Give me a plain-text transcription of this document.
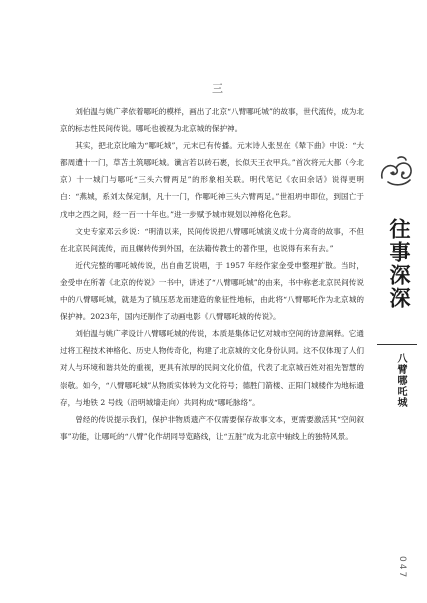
三

刘伯温与姚广孝依着哪吒的模样，画出了北京“八臂哪吒城”的故事，世代流传，成为北京的标志性民间传说。哪吒也被视为北京城的保护神。

其实，把北京比喻为“哪吒城”，元末已有传播。元末诗人张昱在《辇下曲》中说：“大都周遭十一门，草苫土筑哪吒城。谶言若以砖石裹，长似天王衣甲兵。”首次将元大都（今北京）十一城门与哪吒“三头六臂两足”的形象相关联。明代笔记《农田余话》说得更明白：“燕城，系刘太保定制，凡十一门，作哪吒神三头六臂两足。”世祖坍申即位，到国亡于戊申之西之间，经一百一十年也。”进一步赋予城市规划以神格化色彩。

文史专家邓云乡说：“明清以来，民间传说把八臂哪吒城演义成十分离奇的故事，不但在北京民间流传，而且辗转传到外国，在法籍传教士的著作里，也说得有来有去。”

近代完整的哪吒城传说，出自曲艺说唱，于 1957 年经作家金受申整理扩散。当时，金受申在所著《北京的传说》一书中，讲述了“八臂哪吒城”的由来，书中称老北京民间传说中的八臂哪吒城，就是为了镇压恶龙而建造的象征性地标，由此将“八臂哪吒作为北京城的保护神。2023年，国内还制作了动画电影《八臂哪吒城的传说》。

刘伯温与姚广孝设计八臂哪吒城的传说，本质是集体记忆对城市空间的诗意阐释。它通过将工程技术神格化、历史人物传奇化，构建了北京城的文化身份认同。这不仅体现了人们对人与环境和谐共处的重视，更具有浓厚的民间文化价值，代表了北京城百姓对祖先智慧的崇敬。如今，“八臂哪吒城”从物质实体转为文化符号；德胜门箭楼、正阳门城楼作为地标遗存，与地铁 2 号线（沿明城墙走向）共同构成“哪吒脉络”。

曾经的传说提示我们，保护非物质遗产不仅需要保存故事文本，更需要激活其“空间叙事”功能，让哪吒的“八臂”化作胡同导览路线，让“五脏”成为北京中轴线上的独特风景。

往事深深
八臂哪吒城
047
